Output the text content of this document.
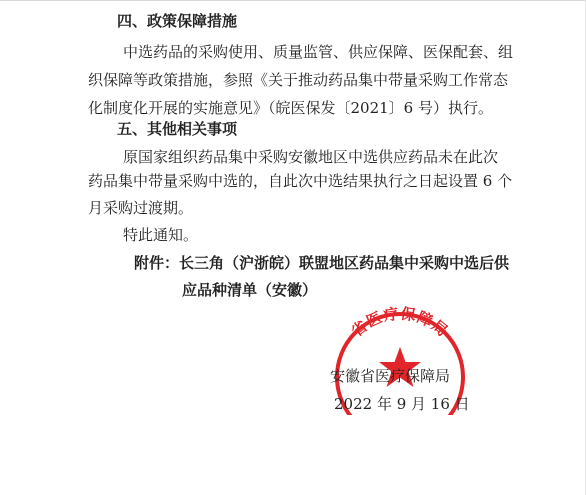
四、政策保障措施
中选药品的采购使用、质量监管、供应保障、医保配套、组
织保障等政策措施，参照《关于推动药品集中带量采购工作常态
化制度化开展的实施意见》（皖医保发〔2021〕6 号）执行。
五、其他相关事项
原国家组织药品集中采购安徽地区中选供应药品未在此次
药品集中带量采购中选的，自此次中选结果执行之日起设置 6 个
月采购过渡期。
特此通知。
附件：长三角（沪浙皖）联盟地区药品集中采购中选后供
应品种清单（安徽）
省医疗保障局
安徽省医疗保障局
2022 年 9 月 16 日
